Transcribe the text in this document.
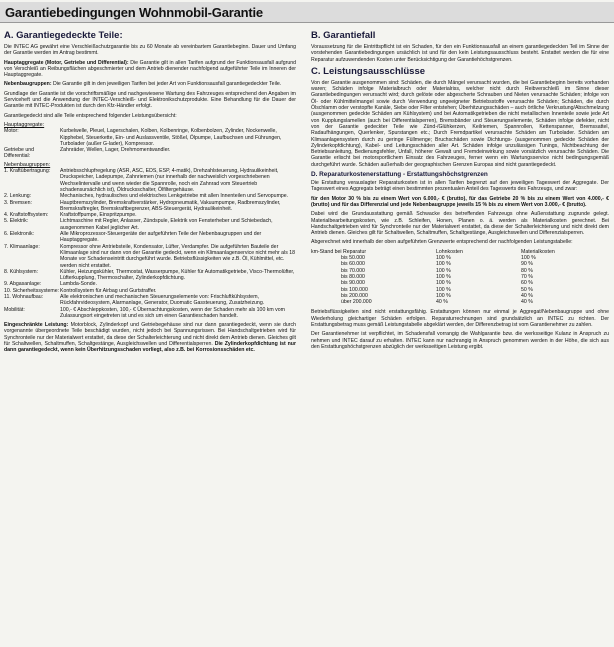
Garantiebedingungen Wohnmobil-Garantie
A. Garantiegedeckte Teile:

Die INTEC AG gewährt eine Verschleißschutzgarantie bis zu 60 Monate ab vereinbartem Garantiebeginn. Dauer und Umfang der Garantie werden im Antrag bestimmt.

Hauptaggregate (Motor, Getriebe und Differential): Die Garantie gilt in allen Tarifen aufgrund der Funktionsausfall aufgrund von Verschleiß an Reibungsflächen abgeschmierter und dem Antrieb dienender nachfolgend aufgeführter Teile im Inneren der Hauptaggregate.

Nebenbaugruppen: Die Garantie gilt in den jeweiligen Tarifen bei jeder Art von Funktionsausfall garantiegedeckter Teile.

Grundlage der Garantie ist die vorschriftsmäßige und nachgewiesene Wartung des Fahrzeuges entsprechend den Angaben im Serviceheft und die Anwendung der INTEC-Verschleiß- und Elektronikschutzprodukte. Eine Behandlung für die Dauer der Garantie mit INTEC-Produkten ist durch den Kfz-Händler erfolgt.

Garantiegedeckt sind alle Teile entsprechend folgender Leistungsübersicht:

Hauptaggregate:
Motor:	Kurbelwelle, Pleuel, Lagerschalen, Kolben, Kolbenringe, Kolbenbolzen, Zylinder, Nockenwelle, Kipphebel, Steuerkette, Ein- und Auslassventile, Stößel, Ölpumpe, Laufbuchsen und Führungen, Turbolader (außer G-lader), Kompressor.
Getriebe und Differential:
Zahnräder, Wellen, Lager, Drehmomentwandler.
Nebenbaugruppen:
1. Kraftübertragung:	Antriebsschlupfregelung (ASR, ASC, EDS, ESP, 4-matik), Drehzahlsteuerung, Hydraulikeinheit, Druckspeicher, Ladepumpe, Zahnriemen (nur innerhalb der nachweislich vorgeschriebenen Wechselintervalle und wenn wieder die Spannrolle, noch ein Zahnrad vom Steuertrieb schadensursächlich ist), Öldrucksschalter, Ölfiltergehäuse.
2. Lenkung:	Mechanisches, hydraulisches und elektrisches Lenkgetriebe mit allen Innenteilen und Servopumpe.
3. Bremsen:	Hauptbremszylinder, Bremskraftverstärker, Hydropneumatik, Vakuumpumpe, Radbremszylinder, Bremskraftregler, Bremskraftbegrenzer, ABS-Steuergerät, Hydraulikeinheit.
4. Kraftstoffsystem:	Kraftstoffpumpe, Einspritzpumpe.
5. Elektrik:	Lichtmaschine mit Regler, Anlasser, Zündspule, Elektrik von Fensterheber und Schiebedach, ausgenommen Kabel jeglicher Art.
6. Elektronik:	Alle Mikroprozessor-Steuergeräte der aufgeführten Teile der Nebenbaugruppen und der Hauptaggregate.
7. Klimaanlage:	Kompressor ohne Antriebsteile, Kondensator, Lüfter, Verdampfer. Die aufgeführten Bauteile der Klimaanlage sind nur dann von der Garantie gedeckt, wenn ein Klimaanlagenservice nicht mehr als 18 Monate vor Schadenseintritt durchgeführt wurde. Betriebsflüssigkeiten wie z.B. Öl, Kühlmittel, etc. werden nicht erstattet.
8. Kühlsystem:	Kühler, Heizungskühler, Thermostat, Wasserpumpe, Kühler für Automatikgetriebe, Visco-Thermolüfter, Lüfterkupplung, Thermoschalter, Zylinderkopfdichtung.
9. Abgasanlage:	Lambda-Sonde.
10. Sicherheitssysteme: Kontrollsystem für Airbag und Gurtstraffer.
11. Wohnaufbau:	Alle elektronischen und mechanischen Steuerungselemente von: Frischluftkühlsystem, Rückfahrvideosystem, Alarmanlage, Generator, Duomatic Gassteuerung, Zusatzheizung.
Mobilität:	100,- € Abschleppkosten, 100,- € Übernachtungskosten, wenn der Schaden mehr als 100 km vom Zulassungsort eingetreten ist und es sich um einen Garantieschaden handelt.

Eingeschränkte Leistung: Motorblock, Zylinderkopf und Getriebegehäuse sind nur dann garantiegedeckt, wenn sie durch vorgenannte übergeordnete Teile beschädigt wurden, nicht jedoch bei Spannungsrissen. Bei Handschaltgetrieben wird für Synchronteile nur der Materialwert erstattet, da diese der Schalterleichterung und nicht direkt dem Antrieb dienen. Gleiches gilt für Schaltwellen, Schaltmuffen, Schaltgestänge, Ausgleichswellen und Differentialsperren. Die Zylinderkopfdichtung ist nur dann garantiegedeckt, wenn kein Überhitzungsschaden vorliegt, also z.B. bei Korrosionsschäden etc.

B. Garantiefall

Voraussetzung für die Eintrittspflicht ist ein Schaden, für den ein Funktionsausfall an einem garantiegedeckten Teil im Sinne der vorstehenden Garantiebedingungen ursächlich ist und für den kein Leistungsausschluss besteht. Erstattet werden die für eine Reparatur aufzuwendenden Kosten unter Berücksichtigung der Garantiehöchstgrenzen.

C. Leistungsausschlüsse

Von der Garantie ausgenommen sind: Schäden, die durch Mängel verursacht wurden, die bei Garantiebeginn bereits vorhanden waren; Schäden infolge Materialbruch oder Materialriss, welcher nicht durch Reibverschleiß im Sinne dieser Garantiebedingungen verursacht wird; durch gelöste oder abgescherte Schrauben und Nieten verursachte Schäden; infolge von Öl- oder Kühlmittelmangel sowie durch Verwendung ungeeigneter Betriebsstoffe verursachte Schäden; Schäden, die durch Ölschlamm oder verstopfte Kanäle, Siebe oder Filter entstehen; Überhitzungsschäden – auch örtliche Verkrustung/Abschmelzung (ausgenommen gedeckte Schäden am Kühlsystem) und bei Automatikgetrieben die nicht metallischen Innenteile sowie jede Art von Kupplungslamellen (auch bei Differentialsperren), Bremsbänder und Steuerungselemente, Schäden infolge defekter, nicht von der Garantie gedeckter Teile wie Zünd-/Glühkerzen, Keilriemen, Spannrollen, Kettenspanner, Bremssattel, Radaufhängungen, Querlenker, Spurstangen etc.; Durch Fremdpartikel verursachte Schäden am Turbolader. Schäden am Klimaanlagensystem durch zu geringe Füllmenge; Bruchschäden sowie Dichtungs- (ausgenommen gedeckte Schäden der Zylinderkopfdichtung), Kabel- und Leitungsschäden aller Art. Schäden infolge unzulässigen Tunings, Nichtbeachtung der Betriebsanleitung, Bedienungsfehler, Unfall, höherer Gewalt und Fremdeinwirkung sowie vorsätzlich verursachte Schäden. Die Garantie erlischt bei motorsportlichem Einsatz des Fahrzeuges, ferner wenn ein Wartungsservice nicht bedingungsgemäß durchgeführt wurde. Schäden außerhalb der geographischen Grenzen Europas sind nicht garantiegedeckt.

D. Reparaturkostenerstattung - Erstattungshöchstgrenzen

Die Erstattung verauslagter Reparaturkosten ist in allen Tarifen begrenzt auf den jeweiligen Tageswert der Aggregate. Der Tageswert eines Aggregats beträgt einen bestimmten prozentualen Anteil des Tageswerts des Fahrzeugs, und zwar:

für den Motor 30 % bis zu einem Wert von 6.000,- € (brutto), für das Getriebe 20 % bis zu einem Wert von 4.000,- € (brutto) und für das Differenzial und jede Nebenbaugruppe jeweils 15 % bis zu einem Wert von 3.000,- € (brutto).

Dabei wird die Grundausstattung gemäß Schwacke des betreffenden Fahrzeugs ohne Außenstattung zugrunde gelegt. Materialbearbeitungskosten, wie z.B. Schleifen, Honen, Planen o. ä. werden als Materialkosten gerechnet. Bei Handschaltgetrieben wird für Synchronteile nur der Materialwert erstattet, da diese der Schalterleichterung und nicht direkt dem Antrieb dienen. Gleiches gilt für Schaltwellen, Schaltmuffen, Schaltgestänge, Ausgleichswellen und Differenzialsperren.

Abgerechnet wird innerhalb der oben aufgeführten Grenzwerte entsprechend der nachfolgenden Leistungstabelle:

km-Stand bei Reparatur	Lohnkosten	Materialkosten
bis 50.000	100 %	100 %
bis 60.000	100 %	90 %
bis 70.000	100 %	80 %
bis 80.000	100 %	70 %
bis 90.000	100 %	60 %
bis 100.000	100 %	50 %
bis 200.000	100 %	40 %
über 200.000	40 %	40 %

Betriebsflüssigkeiten sind nicht erstattungsfähig. Erstattungen können nur einmal je Aggregat/Nebenbaugruppe und ohne Wiederholung gleichartiger Schäden erfolgen. Reparaturrechnungen sind grundsätzlich an INTEC zu richten. Der Erstattungsbetrag muss gemäß Leistungstabelle abgeklärt werden, der Differenzbetrag ist vom Garantienehmer zu zahlen.

Der Garantienehmer ist verpflichtet, im Schadensfall vorrangig die Wahlgarantie bzw. die werksseitige Kulanz in Anspruch zu nehmen und INTEC darauf zu erhalten. INTEC kann nur nachrangig in Anspruch genommen werden in der Höhe, die sich aus den Erstattungshöchstgrenzen abzüglich der werksseitigen Leistung ergibt.
